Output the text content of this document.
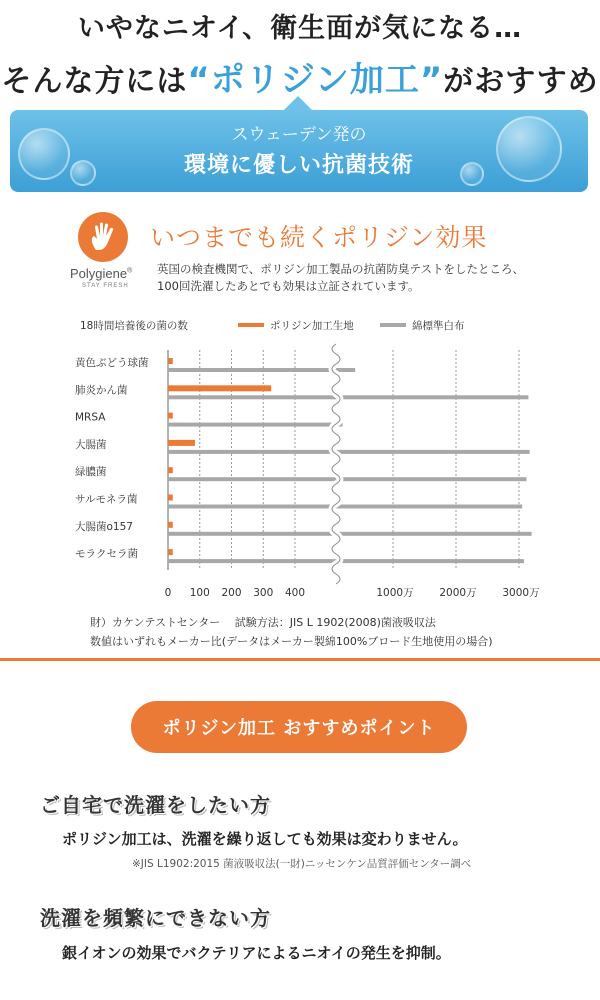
いやなニオイ、衛生面が気になる…
そんな方には“ポリジン加工”がおすすめ
スウェーデン発の
環境に優しい抗菌技術
Polygiene®
STAY FRESH
いつまでも続くポリジン効果
英国の検査機関で、ポリジン加工製品の抗菌防臭テストをしたところ、
100回洗濯したあとでも効果は立証されています。
18時間培養後の菌の数	ポリジン加工生地	綿標準白布
黄色ぶどう球菌
肺炎かん菌
MRSA
大腸菌
緑膿菌
サルモネラ菌
大腸菌o157
モラクセラ菌
0 100 200 300 400	1000万 2000万 3000万
財）カケンテストセンター　 試験方法：JIS L 1902(2008)菌液吸収法
数値はいずれもメーカー比(データはメーカー製綿100%ブロード生地使用の場合)
ポリジン加工 おすすめポイント
ご自宅で洗濯をしたい方
ポリジン加工は、洗濯を繰り返しても効果は変わりません。
※JIS L1902:2015 菌液吸収法(一財)ニッセンケン品質評価センター調べ
洗濯を頻繁にできない方
銀イオンの効果でバクテリアによるニオイの発生を抑制。
